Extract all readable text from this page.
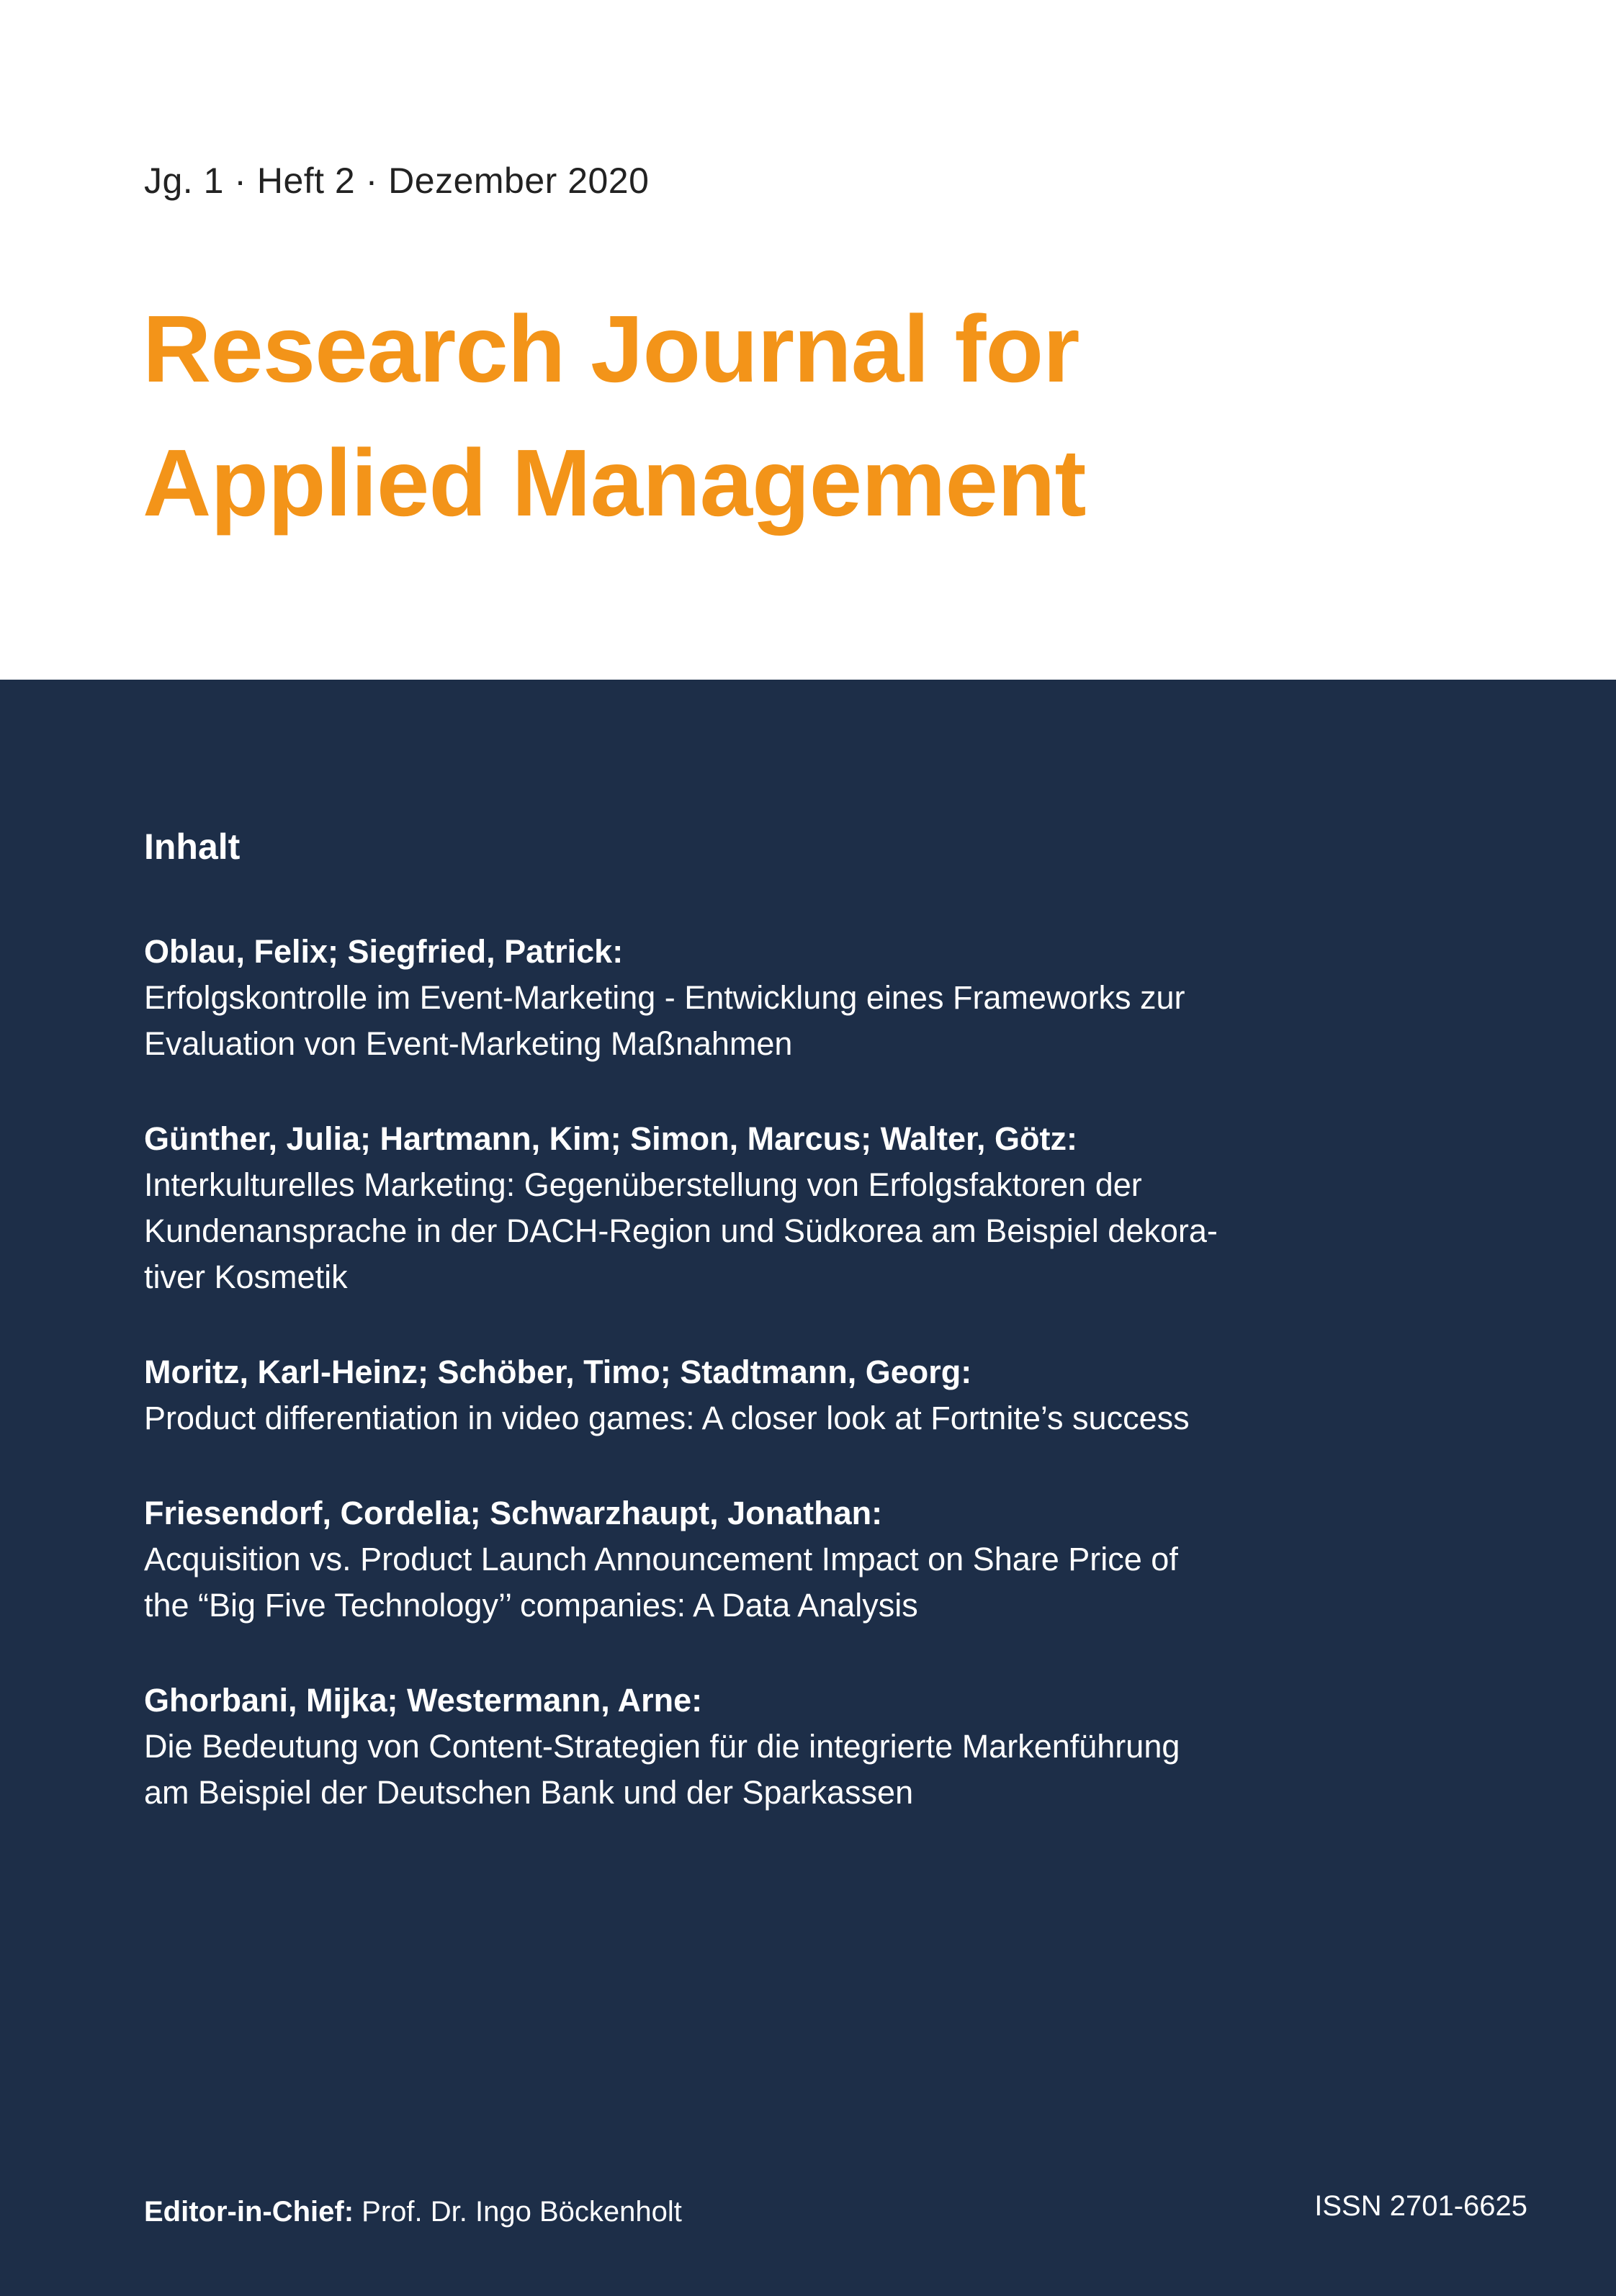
Jg. 1 · Heft 2 · Dezember 2020
Research Journal for
Applied Management
Inhalt
Oblau, Felix; Siegfried, Patrick:
Erfolgskontrolle im Event-Marketing - Entwicklung eines Frameworks zur
Evaluation von Event-Marketing Maßnahmen
Günther, Julia; Hartmann, Kim; Simon, Marcus; Walter, Götz:
Interkulturelles Marketing: Gegenüberstellung von Erfolgsfaktoren der
Kundenansprache in der DACH-Region und Südkorea am Beispiel dekora-
tiver Kosmetik
Moritz, Karl-Heinz; Schöber, Timo; Stadtmann, Georg:
Product differentiation in video games: A closer look at Fortnite’s success
Friesendorf, Cordelia; Schwarzhaupt, Jonathan:
Acquisition vs. Product Launch Announcement Impact on Share Price of
the “Big Five Technology’’ companies: A Data Analysis
Ghorbani, Mijka; Westermann, Arne:
Die Bedeutung von Content-Strategien für die integrierte Markenführung
am Beispiel der Deutschen Bank und der Sparkassen
Editor-in-Chief: Prof. Dr. Ingo Böckenholt	ISSN 2701-6625
